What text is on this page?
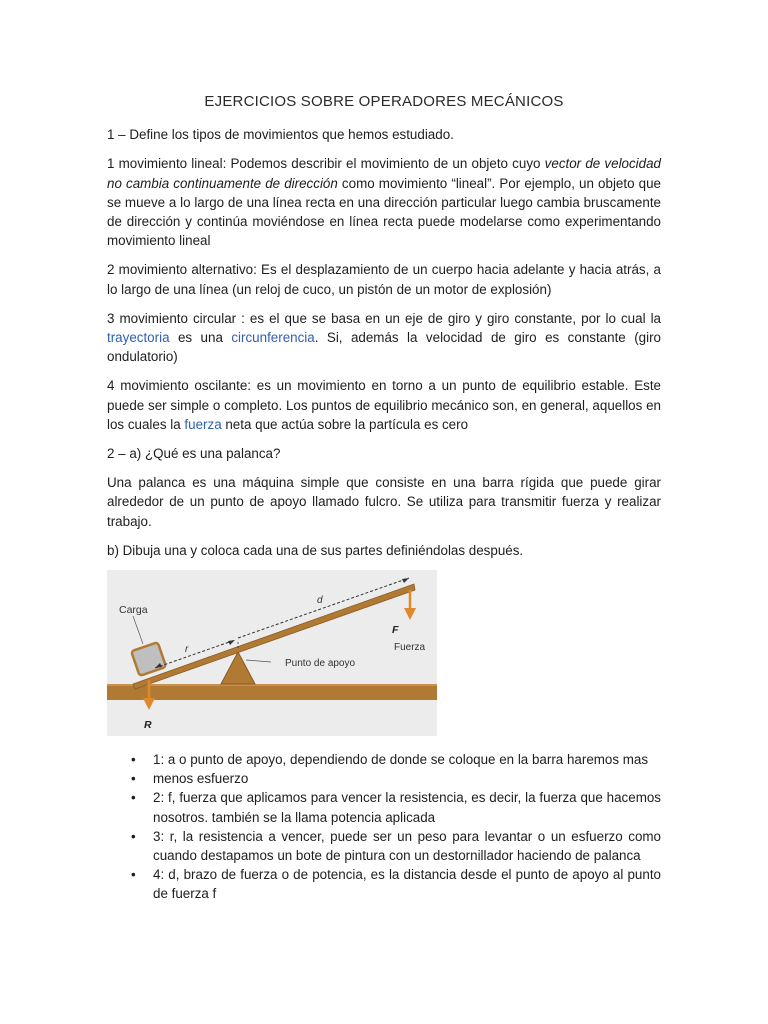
EJERCICIOS SOBRE OPERADORES MECÁNICOS

1 – Define los tipos de movimientos que hemos estudiado.

1 movimiento lineal: Podemos describir el movimiento de un objeto cuyo vector de velocidad no cambia continuamente de dirección como movimiento “lineal”. Por ejemplo, un objeto que se mueve a lo largo de una línea recta en una dirección particular luego cambia bruscamente de dirección y continúa moviéndose en línea recta puede modelarse como experimentando movimiento lineal

2 movimiento alternativo: Es el desplazamiento de un cuerpo hacia adelante y hacia atrás, a lo largo de una línea (un reloj de cuco, un pistón de un motor de explosión)

3 movimiento circular : es el que se basa en un eje de giro y giro constante, por lo cual la trayectoria es una circunferencia. Si, además la velocidad de giro es constante (giro ondulatorio)

4 movimiento oscilante: es un movimiento en torno a un punto de equilibrio estable. Este puede ser simple o completo. Los puntos de equilibrio mecánico son, en general, aquellos en los cuales la fuerza neta que actúa sobre la partícula es cero

2 – a) ¿Qué es una palanca?

Una palanca es una máquina simple que consiste en una barra rígida que puede girar alrededor de un punto de apoyo llamado fulcro. Se utiliza para transmitir fuerza y realizar trabajo.

b) Dibuja una y coloca cada una de sus partes definiéndolas después.

Carga
r
d
F
Fuerza
Punto de apoyo
R
• 1: a o punto de apoyo, dependiendo de donde se coloque en la barra haremos mas
• menos esfuerzo
• 2: f, fuerza que aplicamos para vencer la resistencia, es decir, la fuerza que hacemos nosotros. también se la llama potencia aplicada
• 3: r, la resistencia a vencer, puede ser un peso para levantar o un esfuerzo como cuando destapamos un bote de pintura con un destornillador haciendo de palanca
• 4: d, brazo de fuerza o de potencia, es la distancia desde el punto de apoyo al punto de fuerza f
